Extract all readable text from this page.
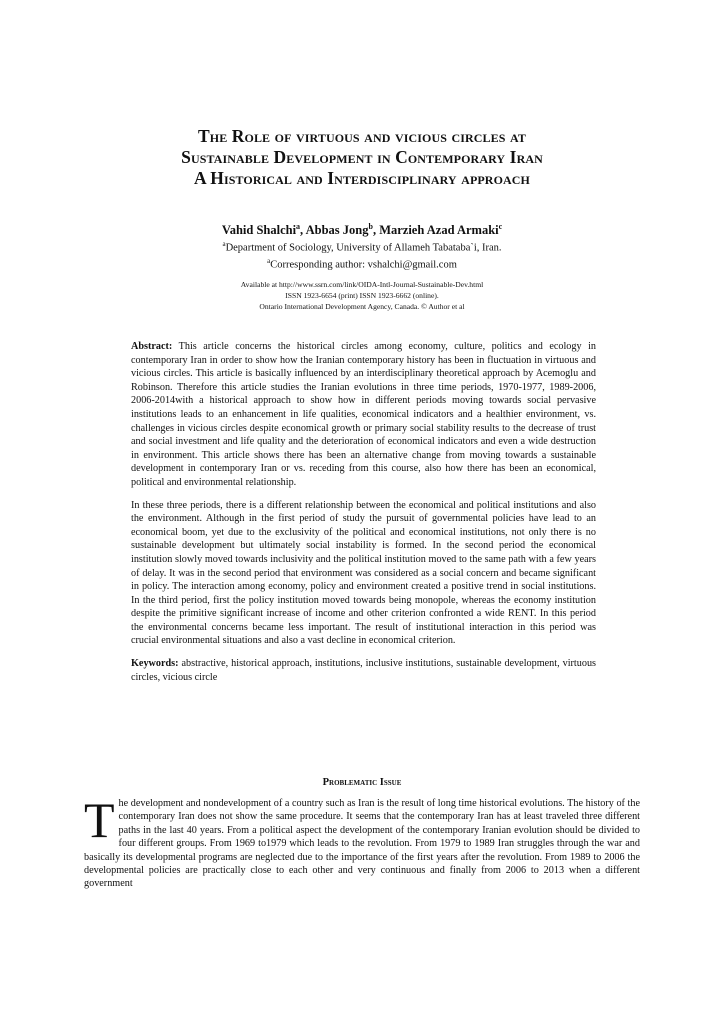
The Role of virtuous and vicious circles at
Sustainable Development in Contemporary Iran
A Historical and Interdisciplinary approach
Vahid Shalchi$^a$, Abbas Jong$^b$, Marzieh Azad Armaki$^c$
$^a$Department of Sociology, University of Allameh Tabataba`i, Iran.
$^a$Corresponding author: vshalchi@gmail.com
Available at http://www.ssrn.com/link/OIDA-Intl-Journal-Sustainable-Dev.html
ISSN 1923-6654 (print) ISSN 1923-6662 (online).
Ontario International Development Agency, Canada. © Author et al

Abstract: This article concerns the historical circles among economy, culture, politics and ecology in contemporary Iran in order to show how the Iranian contemporary history has been in fluctuation in virtuous and vicious circles. This article is basically influenced by an interdisciplinary theoretical approach by Acemoglu and Robinson. Therefore this article studies the Iranian evolutions in three time periods, 1970-1977, 1989-2006, 2006-2014with a historical approach to show how in different periods moving towards social pervasive institutions leads to an enhancement in life qualities, economical indicators and a healthier environment, vs. challenges in vicious circles despite economical growth or primary social stability results to the decrease of trust and social investment and life quality and the deterioration of economical indicators and even a wide destruction in environment. This article shows there has been an alternative change from moving towards a sustainable development in contemporary Iran or vs. receding from this course, also how there has been an economical, political and environmental relationship.

In these three periods, there is a different relationship between the economical and political institutions and also the environment. Although in the first period of study the pursuit of governmental policies have lead to an economical boom, yet due to the exclusivity of the political and economical institutions, not only there is no sustainable development but ultimately social instability is formed. In the second period the economical institution slowly moved towards inclusivity and the political institution moved to the same path with a few years of delay. It was in the second period that environment was considered as a social concern and became significant in policy. The interaction among economy, policy and environment created a positive trend in social institutions. In the third period, first the policy institution moved towards being monopole, whereas the economy institution despite the primitive significant increase of income and other criterion confronted a wide RENT. In this period the environmental concerns became less important. The result of institutional interaction in this period was crucial environmental situations and also a vast decline in economical criterion.

Keywords: abstractive, historical approach, institutions, inclusive institutions, sustainable development, virtuous circles, vicious circle

Problematic Issue
The development and nondevelopment of a country such as Iran is the result of long time historical evolutions. The history of the contemporary Iran does not show the same procedure. It seems that the contemporary Iran has at least traveled three different paths in the last 40 years. From a political aspect the development of the contemporary Iranian evolution should be divided to four different groups. From 1969 to1979 which leads to the revolution. From 1979 to 1989 Iran struggles through the war and basically its developmental programs are neglected due to the importance of the first years after the revolution. From 1989 to 2006 the developmental policies are practically close to each other and very continuous and finally from 2006 to 2013 when a different government
